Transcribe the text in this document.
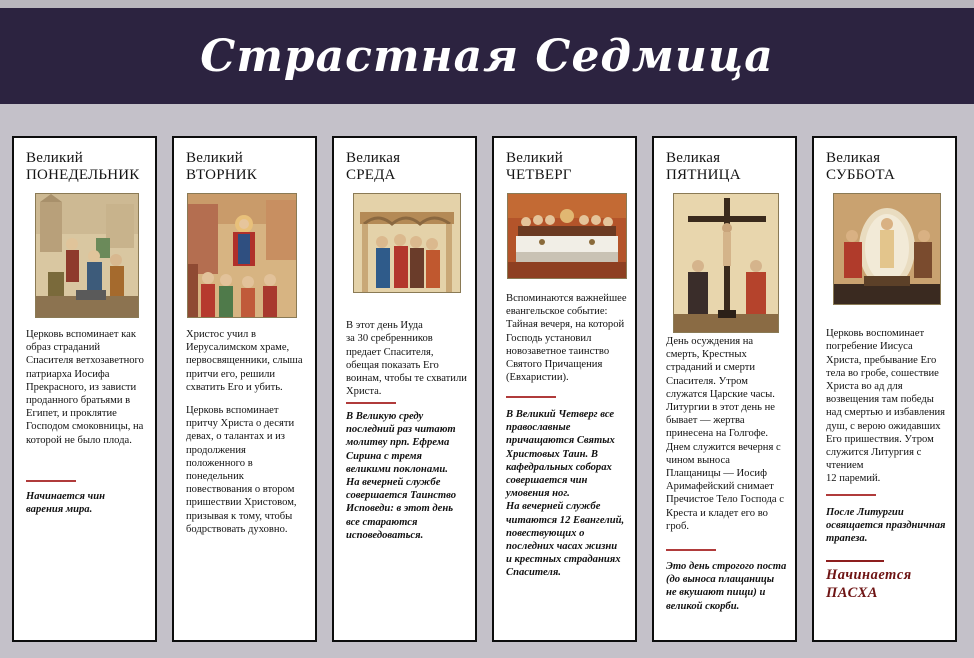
Страстная Седмица
Великий
ПОНЕДЕЛЬНИК

Церковь вспоминает как образ страданий Спасителя ветхозаветного патриарха Иосифа Прекрасного, из зависти проданного братьями в Египет, и проклятие Господом смоковницы, на которой не было плода.

Начинается чин
варения мира.
Великий
ВТОРНИК

Христос учил в Иерусалимском храме, первосвященники, слыша притчи его, решили схватить Его и убить.

Церковь вспоминает притчу Христа о десяти девах, о талантах и из продолжения положенного в понедельник повествования о втором пришествии Христовом, призывая к тому, чтобы бодрствовать духовно.

Великая
СРЕДА

В этот день Иуда
за 30 сребренников предает Спасителя, обещая показать Его воинам, чтобы те схватили Христа.

В Великую среду последний раз читают молитву прп. Ефрема Сирина с тремя великими поклонами.
На вечерней службе совершается Таинство Исповеди: в этот день все стараются исповедоваться.
Великий
ЧЕТВЕРГ

Вспоминаются важнейшее евангельское событие: Тайная вечеря, на которой Господь установил новозаветное таинство Святого Причащения (Евхаристии).

В Великий Четверг все православные причащаются Святых Христовых Таин. В кафедральных соборах совершается чин умовения ног.
На вечерней службе читаются 12 Евангелий, повествующих о последних часах жизни
и крестных страданиях Спасителя.
Великая
ПЯТНИЦА

День осуждения на смерть, Крестных страданий и смерти Спасителя. Утром служатся Царские часы. Литургии в этот день не бывает — жертва принесена на Голгофе. Днем служится вечерня с чином выноса Плащаницы — Иосиф Аримафейский снимает Пречистое Тело Господа с Креста и кладет его во гроб.

Это день строгого поста (до выноса плащаницы не вкушают пищи) и великой скорби.
Великая
СУББОТА

Церковь воспоминает погребение Иисуса Христа, пребывание Его тела во гробе, сошествие Христа во ад для возвещения там победы над смертью и избавления душ, с верою ожидавших Его пришествия. Утром служится Литургия с чтением
12 паремий.

После Литургии освящается праздничная трапеза.
Начинается
ПАСХА
